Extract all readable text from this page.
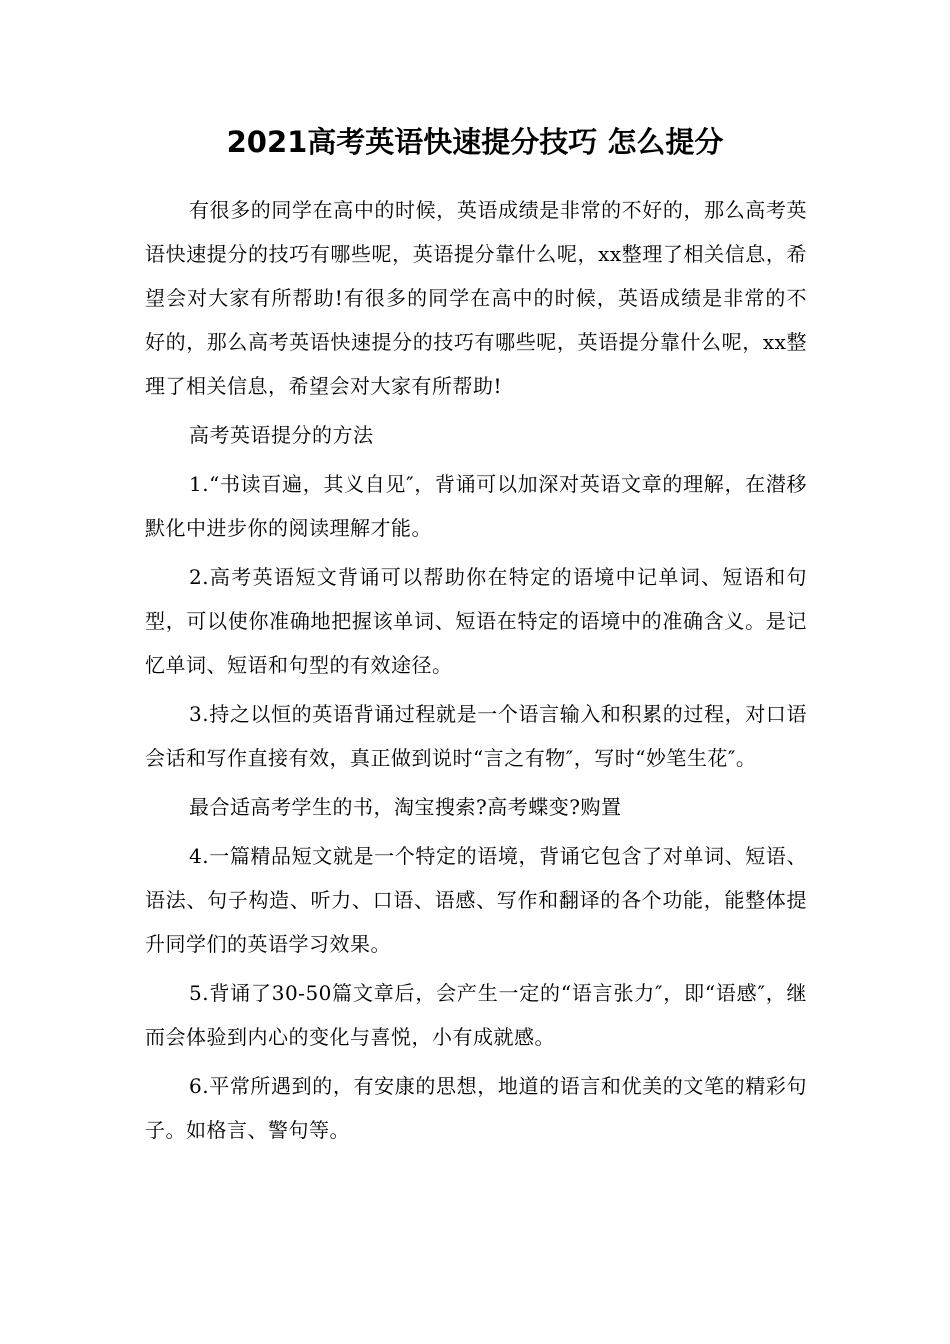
2021高考英语快速提分技巧 怎么提分

有很多的同学在高中的时候，英语成绩是非常的不好的，那么高考英语快速提分的技巧有哪些呢，英语提分靠什么呢，xx整理了相关信息，希望会对大家有所帮助!有很多的同学在高中的时候，英语成绩是非常的不好的，那么高考英语快速提分的技巧有哪些呢，英语提分靠什么呢，xx整理了相关信息，希望会对大家有所帮助!

高考英语提分的方法

1.“书读百遍，其义自见″，背诵可以加深对英语文章的理解，在潜移默化中进步你的阅读理解才能。

2.高考英语短文背诵可以帮助你在特定的语境中记单词、短语和句型，可以使你准确地把握该单词、短语在特定的语境中的准确含义。是记忆单词、短语和句型的有效途径。

3.持之以恒的英语背诵过程就是一个语言输入和积累的过程，对口语会话和写作直接有效，真正做到说时“言之有物″，写时“妙笔生花″。

最合适高考学生的书，淘宝搜索?高考蝶变?购置

4.一篇精品短文就是一个特定的语境，背诵它包含了对单词、短语、语法、句子构造、听力、口语、语感、写作和翻译的各个功能，能整体提升同学们的英语学习效果。

5.背诵了30-50篇文章后，会产生一定的“语言张力″，即“语感″，继而会体验到内心的变化与喜悦，小有成就感。

6.平常所遇到的，有安康的思想，地道的语言和优美的文笔的精彩句子。如格言、警句等。
